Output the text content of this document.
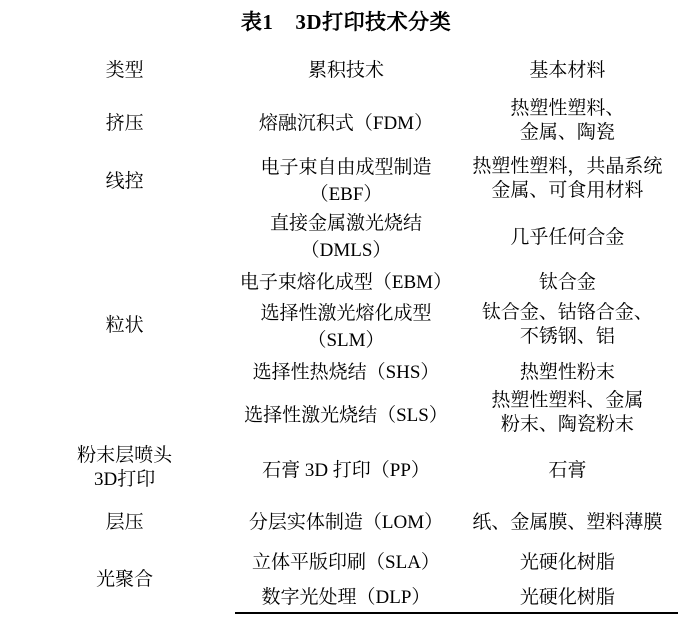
表1 3D打印技术分类
类型	累积技术	基本材料
挤压	熔融沉积式（FDM）	热塑性塑料、
金属、陶瓷

线控	电子束自由成型制造（EBF）	热塑性塑料，共晶系统
金属、可食用材料

粒状	直接金属激光烧结（DMLS）	几乎任何合金
	电子束熔化成型（EBM）	钛合金
	选择性激光熔化成型（SLM）	钛合金、钴铬合金、
不锈钢、铝

	选择性热烧结（SHS）	热塑性粉末
	选择性激光烧结（SLS）	热塑性塑料、金属
粉末、陶瓷粉末

粉末层喷头
3D打印	石膏 3D 打印（PP）	石膏
层压	分层实体制造（LOM）	纸、金属膜、塑料薄膜
光聚合	立体平版印刷（SLA）	光硬化树脂
	数字光处理（DLP）	光硬化树脂
